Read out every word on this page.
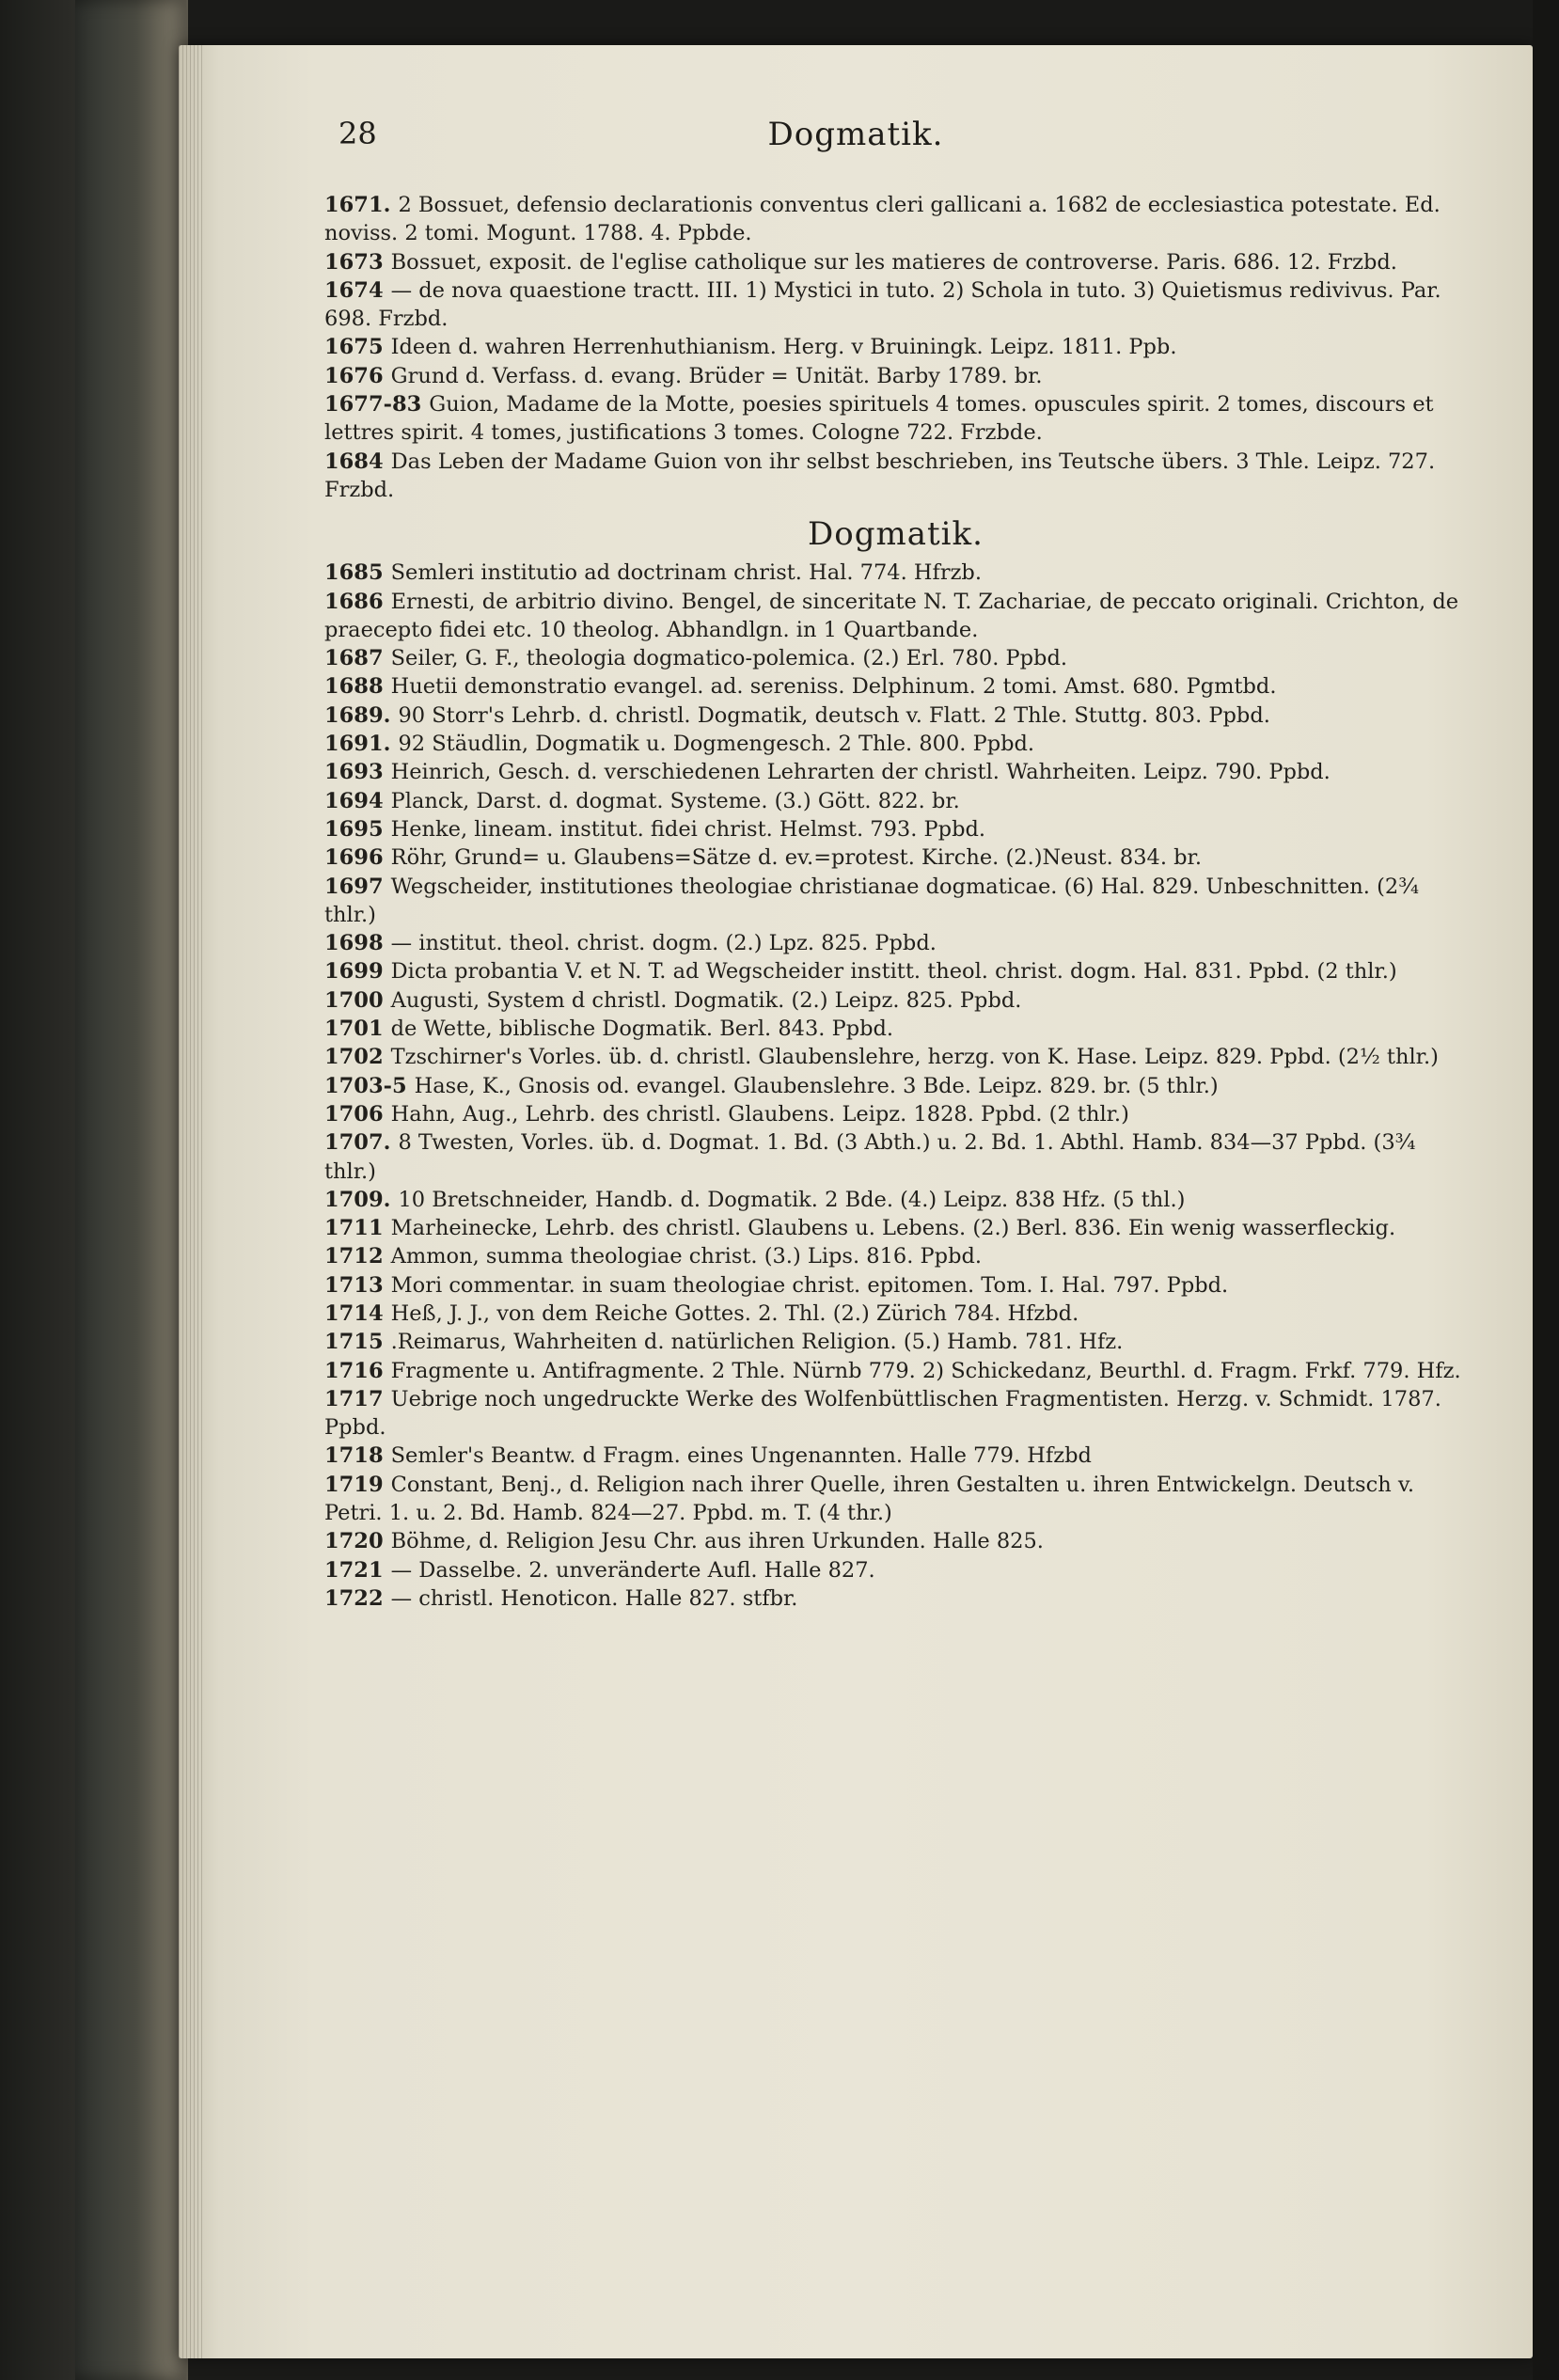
28	Dogmatik.

1671. 2 Bossuet, defensio declarationis conventus cleri gallicani a. 1682 de ecclesiastica potestate. Ed. noviss. 2 tomi. Mogunt. 1788. 4. Ppbde.

1673 Bossuet, exposit. de l'eglise catholique sur les matieres de controverse. Paris. 686. 12. Frzbd.

1674 — de nova quaestione tractt. III. 1) Mystici in tuto. 2) Schola in tuto. 3) Quietismus redivivus. Par. 698. Frzbd.

1675 Ideen d. wahren Herrenhuthianism. Herg. v Bruiningk. Leipz. 1811. Ppb.

1676 Grund d. Verfass. d. evang. Brüder = Unität. Barby 1789. br.

1677-83 Guion, Madame de la Motte, poesies spirituels 4 tomes. opuscules spirit. 2 tomes, discours et lettres spirit. 4 tomes, justifications 3 tomes. Cologne 722. Frzbde.

1684 Das Leben der Madame Guion von ihr selbst beschrieben, ins Teutsche übers. 3 Thle. Leipz. 727. Frzbd.

Dogmatik.

1685 Semleri institutio ad doctrinam christ. Hal. 774. Hfrzb.

1686 Ernesti, de arbitrio divino. Bengel, de sinceritate N. T. Zachariae, de peccato originali. Crichton, de praecepto fidei etc. 10 theolog. Abhandlgn. in 1 Quartbande.

1687 Seiler, G. F., theologia dogmatico-polemica. (2.) Erl. 780. Ppbd.

1688 Huetii demonstratio evangel. ad. sereniss. Delphinum. 2 tomi. Amst. 680. Pgmtbd.

1689. 90 Storr's Lehrb. d. christl. Dogmatik, deutsch v. Flatt. 2 Thle. Stuttg. 803. Ppbd.

1691. 92 Stäudlin, Dogmatik u. Dogmengesch. 2 Thle. 800. Ppbd.

1693 Heinrich, Gesch. d. verschiedenen Lehrarten der christl. Wahrheiten. Leipz. 790. Ppbd.

1694 Planck, Darst. d. dogmat. Systeme. (3.) Gött. 822. br.

1695 Henke, lineam. institut. fidei christ. Helmst. 793. Ppbd.

1696 Röhr, Grund= u. Glaubens=Sätze d. ev.=protest. Kirche. (2.)Neust. 834. br.

1697 Wegscheider, institutiones theologiae christianae dogmaticae. (6) Hal. 829. Unbeschnitten. (2¾ thlr.)

1698 — institut. theol. christ. dogm. (2.) Lpz. 825. Ppbd.

1699 Dicta probantia V. et N. T. ad Wegscheider institt. theol. christ. dogm. Hal. 831. Ppbd. (2 thlr.)

1700 Augusti, System d christl. Dogmatik. (2.) Leipz. 825. Ppbd.

1701 de Wette, biblische Dogmatik. Berl. 843. Ppbd.

1702 Tzschirner's Vorles. üb. d. christl. Glaubenslehre, herzg. von K. Hase. Leipz. 829. Ppbd. (2½ thlr.)

1703-5 Hase, K., Gnosis od. evangel. Glaubenslehre. 3 Bde. Leipz. 829. br. (5 thlr.)

1706 Hahn, Aug., Lehrb. des christl. Glaubens. Leipz. 1828. Ppbd. (2 thlr.)

1707. 8 Twesten, Vorles. üb. d. Dogmat. 1. Bd. (3 Abth.) u. 2. Bd. 1. Abthl. Hamb. 834—37 Ppbd. (3¾ thlr.)

1709. 10 Bretschneider, Handb. d. Dogmatik. 2 Bde. (4.) Leipz. 838 Hfz. (5 thl.)

1711 Marheinecke, Lehrb. des christl. Glaubens u. Lebens. (2.) Berl. 836. Ein wenig wasserfleckig.

1712 Ammon, summa theologiae christ. (3.) Lips. 816. Ppbd.

1713 Mori commentar. in suam theologiae christ. epitomen. Tom. I. Hal. 797. Ppbd.

1714 Heß, J. J., von dem Reiche Gottes. 2. Thl. (2.) Zürich 784. Hfzbd.

1715 .Reimarus, Wahrheiten d. natürlichen Religion. (5.) Hamb. 781. Hfz.

1716 Fragmente u. Antifragmente. 2 Thle. Nürnb 779. 2) Schickedanz, Beurthl. d. Fragm. Frkf. 779. Hfz.

1717 Uebrige noch ungedruckte Werke des Wolfenbüttlischen Fragmentisten. Herzg. v. Schmidt. 1787. Ppbd.

1718 Semler's Beantw. d Fragm. eines Ungenannten. Halle 779. Hfzbd

1719 Constant, Benj., d. Religion nach ihrer Quelle, ihren Gestalten u. ihren Entwickelgn. Deutsch v. Petri. 1. u. 2. Bd. Hamb. 824—27. Ppbd. m. T. (4 thr.)

1720 Böhme, d. Religion Jesu Chr. aus ihren Urkunden. Halle 825.

1721 — Dasselbe. 2. unveränderte Aufl. Halle 827.

1722 — christl. Henoticon. Halle 827. stfbr.
